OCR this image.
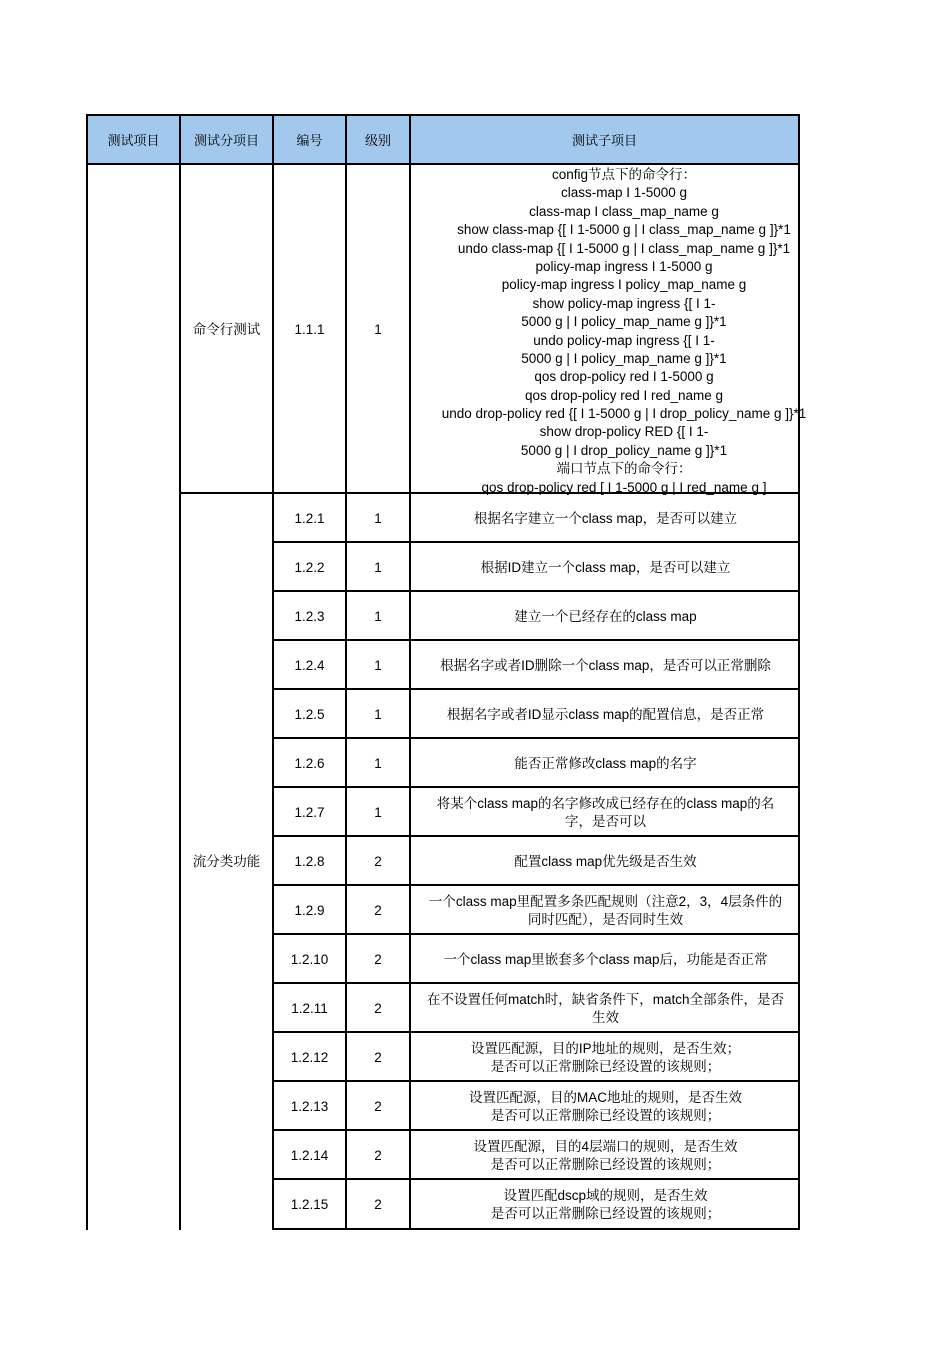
测试项目	测试分项目	编号	级别	测试子项目
命令行测试	1.1.1	1
config节点下的命令行：
class-map I 1-5000 g
class-map I class_map_name g
show class-map {[ I 1-5000 g | I class_map_name g ]}*1
undo class-map {[ I 1-5000 g | I class_map_name g ]}*1
policy-map ingress I 1-5000 g
policy-map ingress I policy_map_name g
show policy-map ingress {[ I 1-
5000 g | I policy_map_name g ]}*1
undo policy-map ingress {[ I 1-
5000 g | I policy_map_name g ]}*1
qos drop-policy red I 1-5000 g
qos drop-policy red I red_name g
undo drop-policy red {[ I 1-5000 g | I drop_policy_name g ]}*1
show drop-policy RED {[ I 1-
5000 g | I drop_policy_name g ]}*1
端口节点下的命令行：
qos drop-policy red [ I 1-5000 g | I red_name g ]
流分类功能
1.2.1	1	根据名字建立一个class map，是否可以建立
1.2.2	1	根据ID建立一个class map，是否可以建立
1.2.3	1	建立一个已经存在的class map
1.2.4	1	根据名字或者ID删除一个class map，是否可以正常删除
1.2.5	1	根据名字或者ID显示class map的配置信息，是否正常
1.2.6	1	能否正常修改class map的名字
1.2.7	1
将某个class map的名字修改成已经存在的class map的名
字，是否可以
1.2.8	2	配置class map优先级是否生效
1.2.9	2
一个class map里配置多条匹配规则（注意2，3，4层条件的
同时匹配），是否同时生效
1.2.10	2	一个class map里嵌套多个class map后，功能是否正常
1.2.11	2
在不设置任何match时，缺省条件下，match全部条件，是否
生效
1.2.12	2
设置匹配源，目的IP地址的规则，是否生效；
是否可以正常删除已经设置的该规则；
1.2.13	2
设置匹配源，目的MAC地址的规则，是否生效
是否可以正常删除已经设置的该规则；
1.2.14	2
设置匹配源，目的4层端口的规则，是否生效
是否可以正常删除已经设置的该规则；
1.2.15	2
设置匹配dscp域的规则，是否生效
是否可以正常删除已经设置的该规则；
